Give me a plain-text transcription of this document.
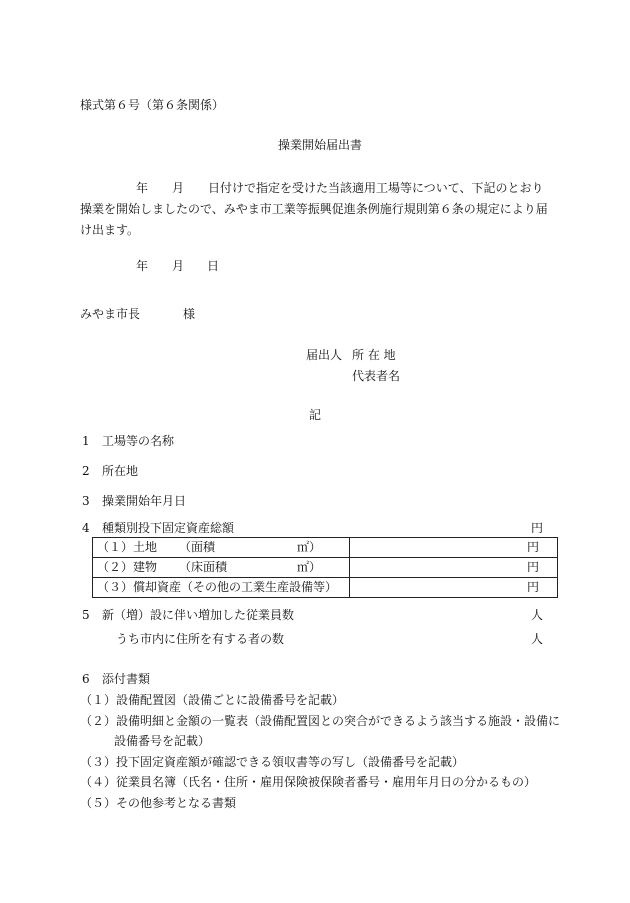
様式第６号（第６条関係）
操業開始届出書
年 月 日付けで指定を受けた当該適用工場等について、下記のとおり操業を開始しましたので、みやま市工業等振興促進条例施行規則第６条の規定により届け出ます。
年 月 日
みやま市長	様
届出人 所 在 地
代表者名
記
1 工場等の名称
2 所在地
3 操業開始年月日
4 種類別投下固定資産総額	円
（１）土地 （面積 ㎡）	円
（２）建物 （床面積 ㎡）	円
（３）償却資産（その他の工業生産設備等）	円
5 新（増）設に伴い増加した従業員数	人
うち市内に住所を有する者の数	人
6 添付書類
（１）設備配置図（設備ごとに設備番号を記載）
（２）設備明細と金額の一覧表（設備配置図との突合ができるよう該当する施設・設備に
設備番号を記載）
（３）投下固定資産額が確認できる領収書等の写し（設備番号を記載）
（４）従業員名簿（氏名・住所・雇用保険被保険者番号・雇用年月日の分かるもの）
（５）その他参考となる書類
